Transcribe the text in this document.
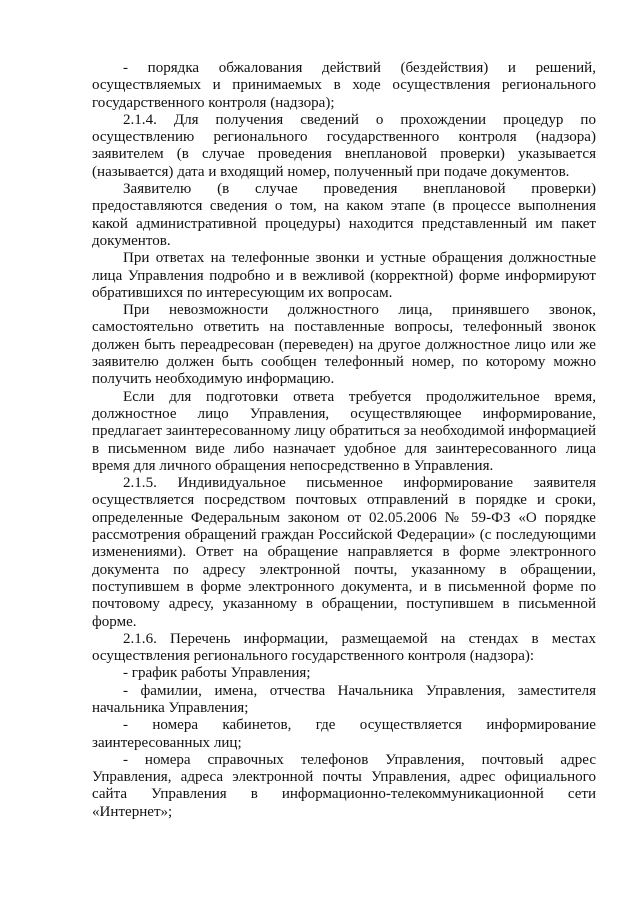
- порядка обжалования действий (бездействия) и решений, осуществляемых и принимаемых в ходе осуществления регионального государственного контроля (надзора);

2.1.4. Для получения сведений о прохождении процедур по осуществлению регионального государственного контроля (надзора) заявителем (в случае проведения внеплановой проверки) указывается (называется) дата и входящий номер, полученный при подаче документов.

Заявителю (в случае проведения внеплановой проверки) предоставляются сведения о том, на каком этапе (в процессе выполнения какой административной процедуры) находится представленный им пакет документов.

При ответах на телефонные звонки и устные обращения должностные лица Управления подробно и в вежливой (корректной) форме информируют обратившихся по интересующим их вопросам.

При невозможности должностного лица, принявшего звонок, самостоятельно ответить на поставленные вопросы, телефонный звонок должен быть переадресован (переведен) на другое должностное лицо или же заявителю должен быть сообщен телефонный номер, по которому можно получить необходимую информацию.

Если для подготовки ответа требуется продолжительное время, должностное лицо Управления, осуществляющее информирование, предлагает заинтересованному лицу обратиться за необходимой информацией в письменном виде либо назначает удобное для заинтересованного лица время для личного обращения непосредственно в Управления.

2.1.5. Индивидуальное письменное информирование заявителя осуществляется посредством почтовых отправлений в порядке и сроки, определенные Федеральным законом от 02.05.2006 № 59-ФЗ «О порядке рассмотрения обращений граждан Российской Федерации» (с последующими изменениями). Ответ на обращение направляется в форме электронного документа по адресу электронной почты, указанному в обращении, поступившем в форме электронного документа, и в письменной форме по почтовому адресу, указанному в обращении, поступившем в письменной форме.

2.1.6. Перечень информации, размещаемой на стендах в местах осуществления регионального государственного контроля (надзора):

- график работы Управления;

- фамилии, имена, отчества Начальника Управления, заместителя начальника Управления;

- номера кабинетов, где осуществляется информирование заинтересованных лиц;

- номера справочных телефонов Управления, почтовый адрес Управления, адреса электронной почты Управления, адрес официального сайта Управления в информационно-телекоммуникационной сети «Интернет»;
